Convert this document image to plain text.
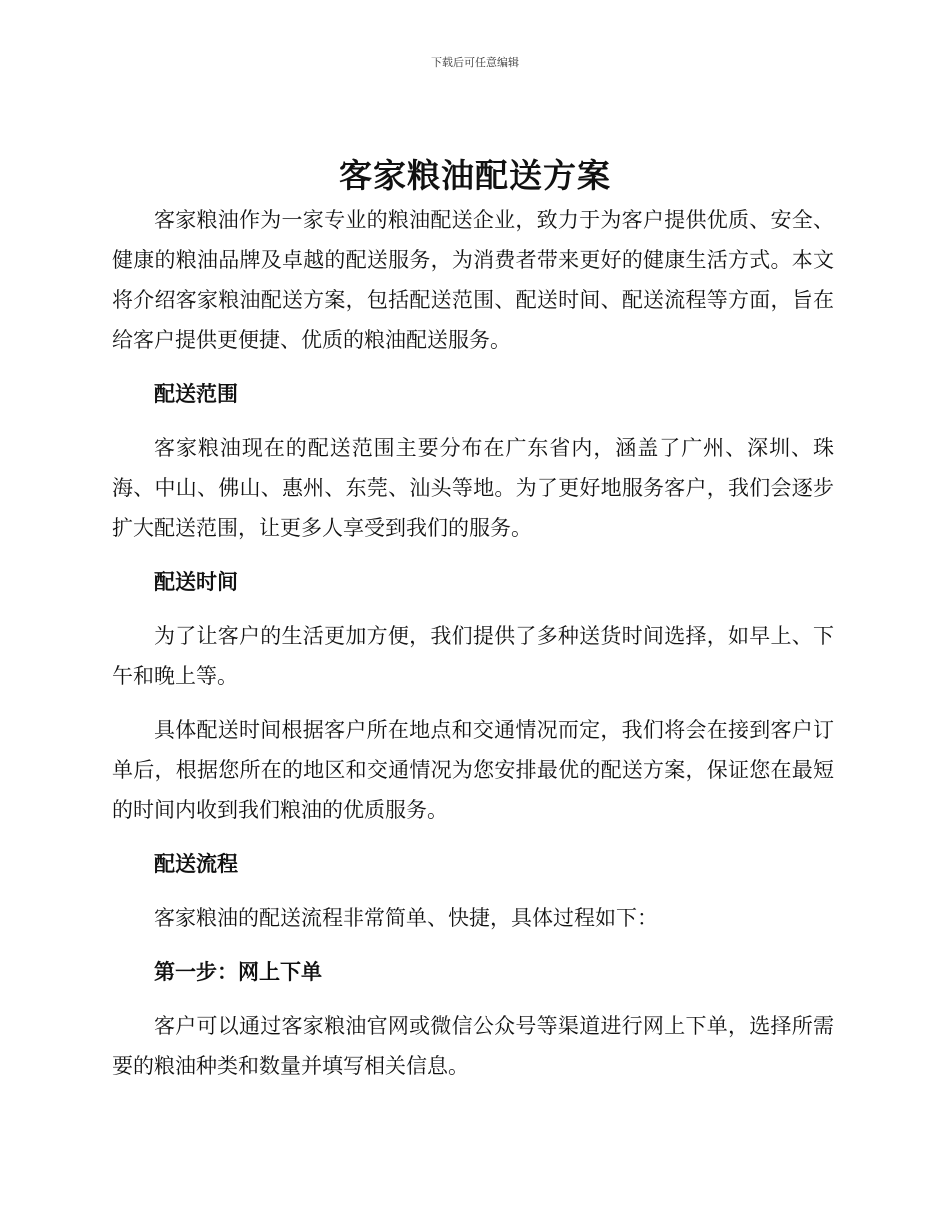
下载后可任意编辑
客家粮油配送方案

客家粮油作为一家专业的粮油配送企业，致力于为客户提供优质、安全、健康的粮油品牌及卓越的配送服务，为消费者带来更好的健康生活方式。本文将介绍客家粮油配送方案，包括配送范围、配送时间、配送流程等方面，旨在给客户提供更便捷、优质的粮油配送服务。

配送范围

客家粮油现在的配送范围主要分布在广东省内，涵盖了广州、深圳、珠海、中山、佛山、惠州、东莞、汕头等地。为了更好地服务客户，我们会逐步扩大配送范围，让更多人享受到我们的服务。

配送时间

为了让客户的生活更加方便，我们提供了多种送货时间选择，如早上、下午和晚上等。

具体配送时间根据客户所在地点和交通情况而定，我们将会在接到客户订单后，根据您所在的地区和交通情况为您安排最优的配送方案，保证您在最短的时间内收到我们粮油的优质服务。

配送流程

客家粮油的配送流程非常简单、快捷，具体过程如下：

第一步：网上下单

客户可以通过客家粮油官网或微信公众号等渠道进行网上下单，选择所需要的粮油种类和数量并填写相关信息。
